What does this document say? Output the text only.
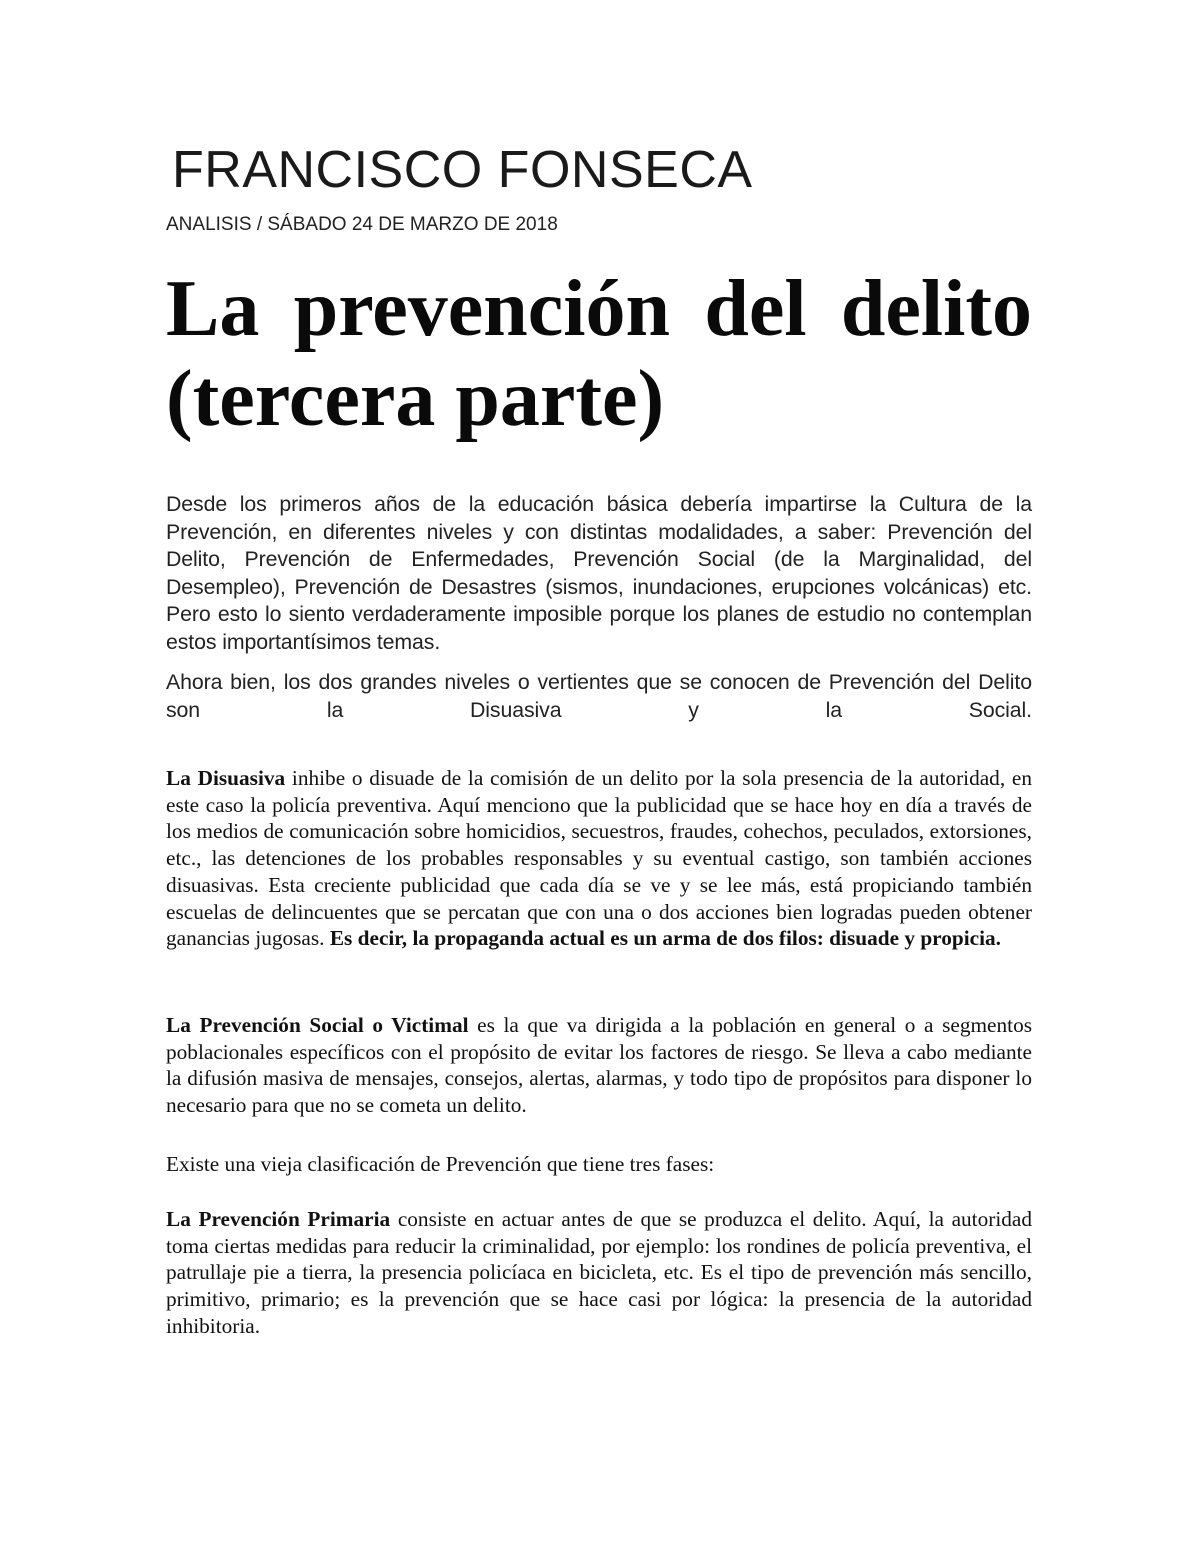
FRANCISCO FONSECA

ANALISIS / SÁBADO 24 DE MARZO DE 2018

La prevención del delito (tercera parte)

Desde los primeros años de la educación básica debería impartirse la Cultura de la Prevención, en diferentes niveles y con distintas modalidades, a saber: Prevención del Delito, Prevención de Enfermedades, Prevención Social (de la Marginalidad, del Desempleo), Prevención de Desastres (sismos, inundaciones, erupciones volcánicas) etc. Pero esto lo siento verdaderamente imposible porque los planes de estudio no contemplan estos importantísimos temas.

Ahora bien, los dos grandes niveles o vertientes que se conocen de Prevención del Delito son la Disuasiva y la Social.

La Disuasiva inhibe o disuade de la comisión de un delito por la sola presencia de la autoridad, en este caso la policía preventiva. Aquí menciono que la publicidad que se hace hoy en día a través de los medios de comunicación sobre homicidios, secuestros, fraudes, cohechos, peculados, extorsiones, etc., las detenciones de los probables responsables y su eventual castigo, son también acciones disuasivas. Esta creciente publicidad que cada día se ve y se lee más, está propiciando también escuelas de delincuentes que se percatan que con una o dos acciones bien logradas pueden obtener ganancias jugosas. Es decir, la propaganda actual es un arma de dos filos: disuade y propicia.

La Prevención Social o Victimal es la que va dirigida a la población en general o a segmentos poblacionales específicos con el propósito de evitar los factores de riesgo. Se lleva a cabo mediante la difusión masiva de mensajes, consejos, alertas, alarmas, y todo tipo de propósitos para disponer lo necesario para que no se cometa un delito.

Existe una vieja clasificación de Prevención que tiene tres fases:

La Prevención Primaria consiste en actuar antes de que se produzca el delito. Aquí, la autoridad toma ciertas medidas para reducir la criminalidad, por ejemplo: los rondines de policía preventiva, el patrullaje pie a tierra, la presencia policíaca en bicicleta, etc. Es el tipo de prevención más sencillo, primitivo, primario; es la prevención que se hace casi por lógica: la presencia de la autoridad inhibitoria.
